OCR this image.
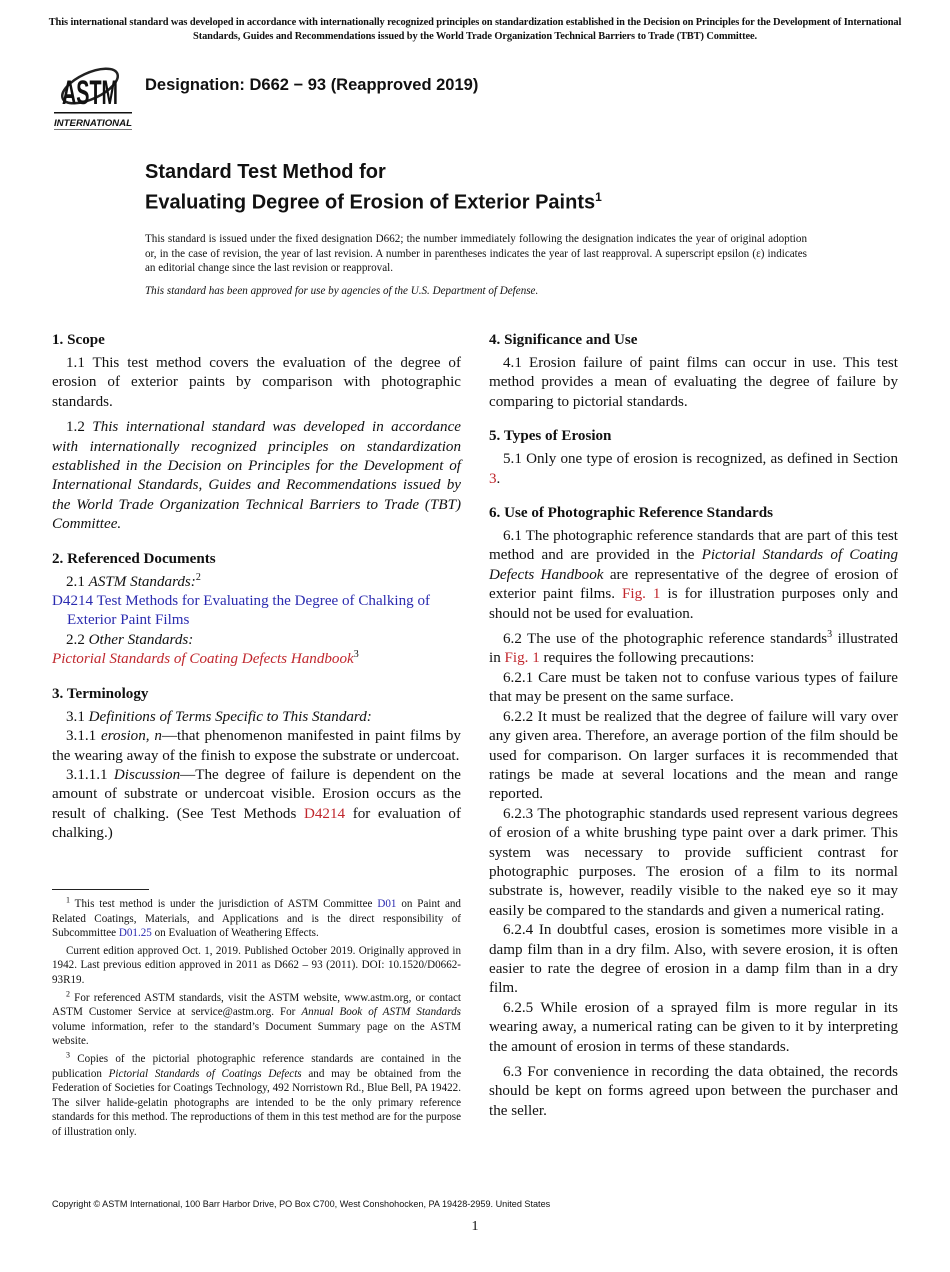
This international standard was developed in accordance with internationally recognized principles on standardization established in the Decision on Principles for the Development of International Standards, Guides and Recommendations issued by the World Trade Organization Technical Barriers to Trade (TBT) Committee.
ASTM
INTERNATIONAL
Designation: D662 − 93 (Reapproved 2019)
Standard Test Method for
Evaluating Degree of Erosion of Exterior Paints$^1$

This standard is issued under the fixed designation D662; the number immediately following the designation indicates the year of original adoption or, in the case of revision, the year of last revision. A number in parentheses indicates the year of last reapproval. A superscript epsilon (ε) indicates an editorial change since the last revision or reapproval.

This standard has been approved for use by agencies of the U.S. Department of Defense.

1. Scope

1.1 This test method covers the evaluation of the degree of erosion of exterior paints by comparison with photographic standards.

1.2 This international standard was developed in accordance with internationally recognized principles on standardization established in the Decision on Principles for the Development of International Standards, Guides and Recommendations issued by the World Trade Organization Technical Barriers to Trade (TBT) Committee.

2. Referenced Documents

2.1 ASTM Standards:$^2$

D4214 Test Methods for Evaluating the Degree of Chalking of Exterior Paint Films

2.2 Other Standards:

Pictorial Standards of Coating Defects Handbook$^3$

3. Terminology

3.1 Definitions of Terms Specific to This Standard:

3.1.1 erosion, n—that phenomenon manifested in paint films by the wearing away of the finish to expose the substrate or undercoat.

3.1.1.1 Discussion—The degree of failure is dependent on the amount of substrate or undercoat visible. Erosion occurs as the result of chalking. (See Test Methods D4214 for evaluation of chalking.)

4. Significance and Use

4.1 Erosion failure of paint films can occur in use. This test method provides a mean of evaluating the degree of failure by comparing to pictorial standards.

5. Types of Erosion

5.1 Only one type of erosion is recognized, as defined in Section 3.

6. Use of Photographic Reference Standards

6.1 The photographic reference standards that are part of this test method and are provided in the Pictorial Standards of Coating Defects Handbook are representative of the degree of erosion of exterior paint films. Fig. 1 is for illustration purposes only and should not be used for evaluation.

6.2 The use of the photographic reference standards$^3$ illustrated in Fig. 1 requires the following precautions:

6.2.1 Care must be taken not to confuse various types of failure that may be present on the same surface.

6.2.2 It must be realized that the degree of failure will vary over any given area. Therefore, an average portion of the film should be used for comparison. On larger surfaces it is recommended that ratings be made at several locations and the mean and range reported.

6.2.3 The photographic standards used represent various degrees of erosion of a white brushing type paint over a dark primer. This system was necessary to provide sufficient contrast for photographic purposes. The erosion of a film to its normal substrate is, however, readily visible to the naked eye so it may easily be compared to the standards and given a numerical rating.

6.2.4 In doubtful cases, erosion is sometimes more visible in a damp film than in a dry film. Also, with severe erosion, it is often easier to rate the degree of erosion in a damp film than in a dry film.

6.2.5 While erosion of a sprayed film is more regular in its wearing away, a numerical rating can be given to it by interpreting the amount of erosion in terms of these standards.

6.3 For convenience in recording the data obtained, the records should be kept on forms agreed upon between the purchaser and the seller.

$^1$ This test method is under the jurisdiction of ASTM Committee D01 on Paint and Related Coatings, Materials, and Applications and is the direct responsibility of Subcommittee D01.25 on Evaluation of Weathering Effects.

Current edition approved Oct. 1, 2019. Published October 2019. Originally approved in 1942. Last previous edition approved in 2011 as D662 – 93 (2011). DOI: 10.1520/D0662-93R19.

$^2$ For referenced ASTM standards, visit the ASTM website, www.astm.org, or contact ASTM Customer Service at service@astm.org. For Annual Book of ASTM Standards volume information, refer to the standard’s Document Summary page on the ASTM website.

$^3$ Copies of the pictorial photographic reference standards are contained in the publication Pictorial Standards of Coatings Defects and may be obtained from the Federation of Societies for Coatings Technology, 492 Norristown Rd., Blue Bell, PA 19422. The silver halide-gelatin photographs are intended to be the only primary reference standards for this method. The reproductions of them in this test method are for the purpose of illustration only.

Copyright © ASTM International, 100 Barr Harbor Drive, PO Box C700, West Conshohocken, PA 19428-2959. United States
1
